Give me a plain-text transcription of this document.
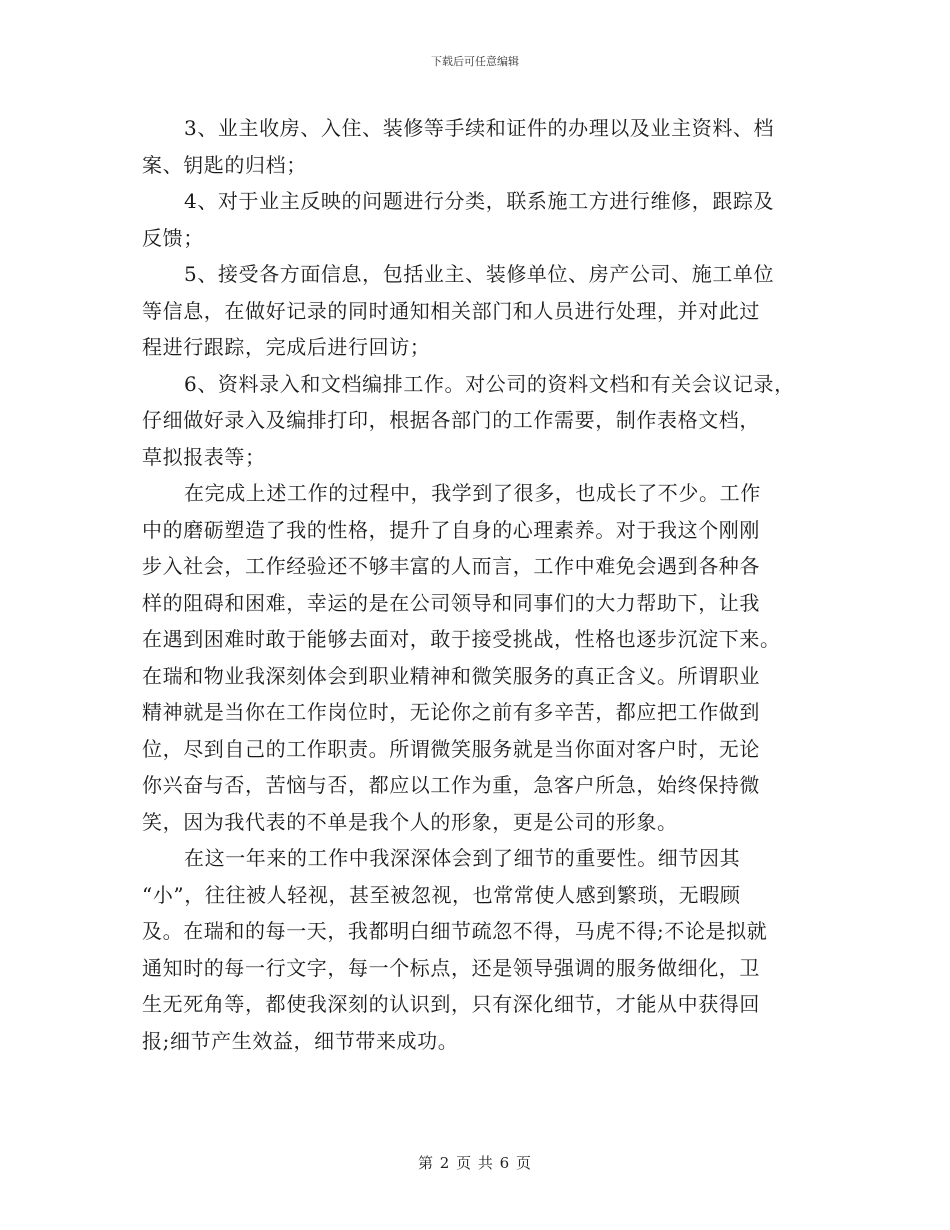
下载后可任意编辑
3、业主收房、入住、装修等手续和证件的办理以及业主资料、档
案、钥匙的归档；
4、对于业主反映的问题进行分类，联系施工方进行维修，跟踪及
反馈；
5、接受各方面信息，包括业主、装修单位、房产公司、施工单位
等信息，在做好记录的同时通知相关部门和人员进行处理，并对此过
程进行跟踪，完成后进行回访；
6、资料录入和文档编排工作。对公司的资料文档和有关会议记录，
仔细做好录入及编排打印，根据各部门的工作需要，制作表格文档，
草拟报表等；
在完成上述工作的过程中，我学到了很多，也成长了不少。工作
中的磨砺塑造了我的性格，提升了自身的心理素养。对于我这个刚刚
步入社会，工作经验还不够丰富的人而言，工作中难免会遇到各种各
样的阻碍和困难，幸运的是在公司领导和同事们的大力帮助下，让我
在遇到困难时敢于能够去面对，敢于接受挑战，性格也逐步沉淀下来。
在瑞和物业我深刻体会到职业精神和微笑服务的真正含义。所谓职业
精神就是当你在工作岗位时，无论你之前有多辛苦，都应把工作做到
位，尽到自己的工作职责。所谓微笑服务就是当你面对客户时，无论
你兴奋与否，苦恼与否，都应以工作为重，急客户所急，始终保持微
笑，因为我代表的不单是我个人的形象，更是公司的形象。
在这一年来的工作中我深深体会到了细节的重要性。细节因其
“小”，往往被人轻视，甚至被忽视，也常常使人感到繁琐，无暇顾
及。在瑞和的每一天，我都明白细节疏忽不得，马虎不得;不论是拟就
通知时的每一行文字，每一个标点，还是领导强调的服务做细化，卫
生无死角等，都使我深刻的认识到，只有深化细节，才能从中获得回
报;细节产生效益，细节带来成功。
第 2 页 共 6 页
